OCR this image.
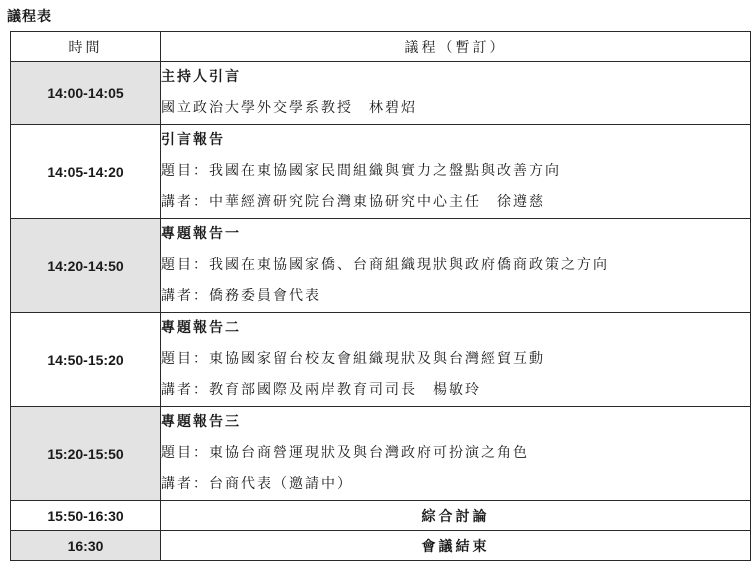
議程表
時間	議程（暫訂）
14:00-14:05	主持人引言
國立政治大學外交學系教授　林碧炤

14:05-14:20	引言報告
題目：我國在東協國家民間組織與實力之盤點與改善方向
講者：中華經濟研究院台灣東協研究中心主任　徐遵慈

14:20-14:50	專題報告一
題目：我國在東協國家僑、台商組織現狀與政府僑商政策之方向
講者：僑務委員會代表

14:50-15:20	專題報告二
題目：東協國家留台校友會組織現狀及與台灣經貿互動
講者：教育部國際及兩岸教育司司長　楊敏玲

15:20-15:50	專題報告三
題目：東協台商營運現狀及與台灣政府可扮演之角色
講者：台商代表（邀請中）

15:50-16:30	綜合討論
16:30	會議結束
